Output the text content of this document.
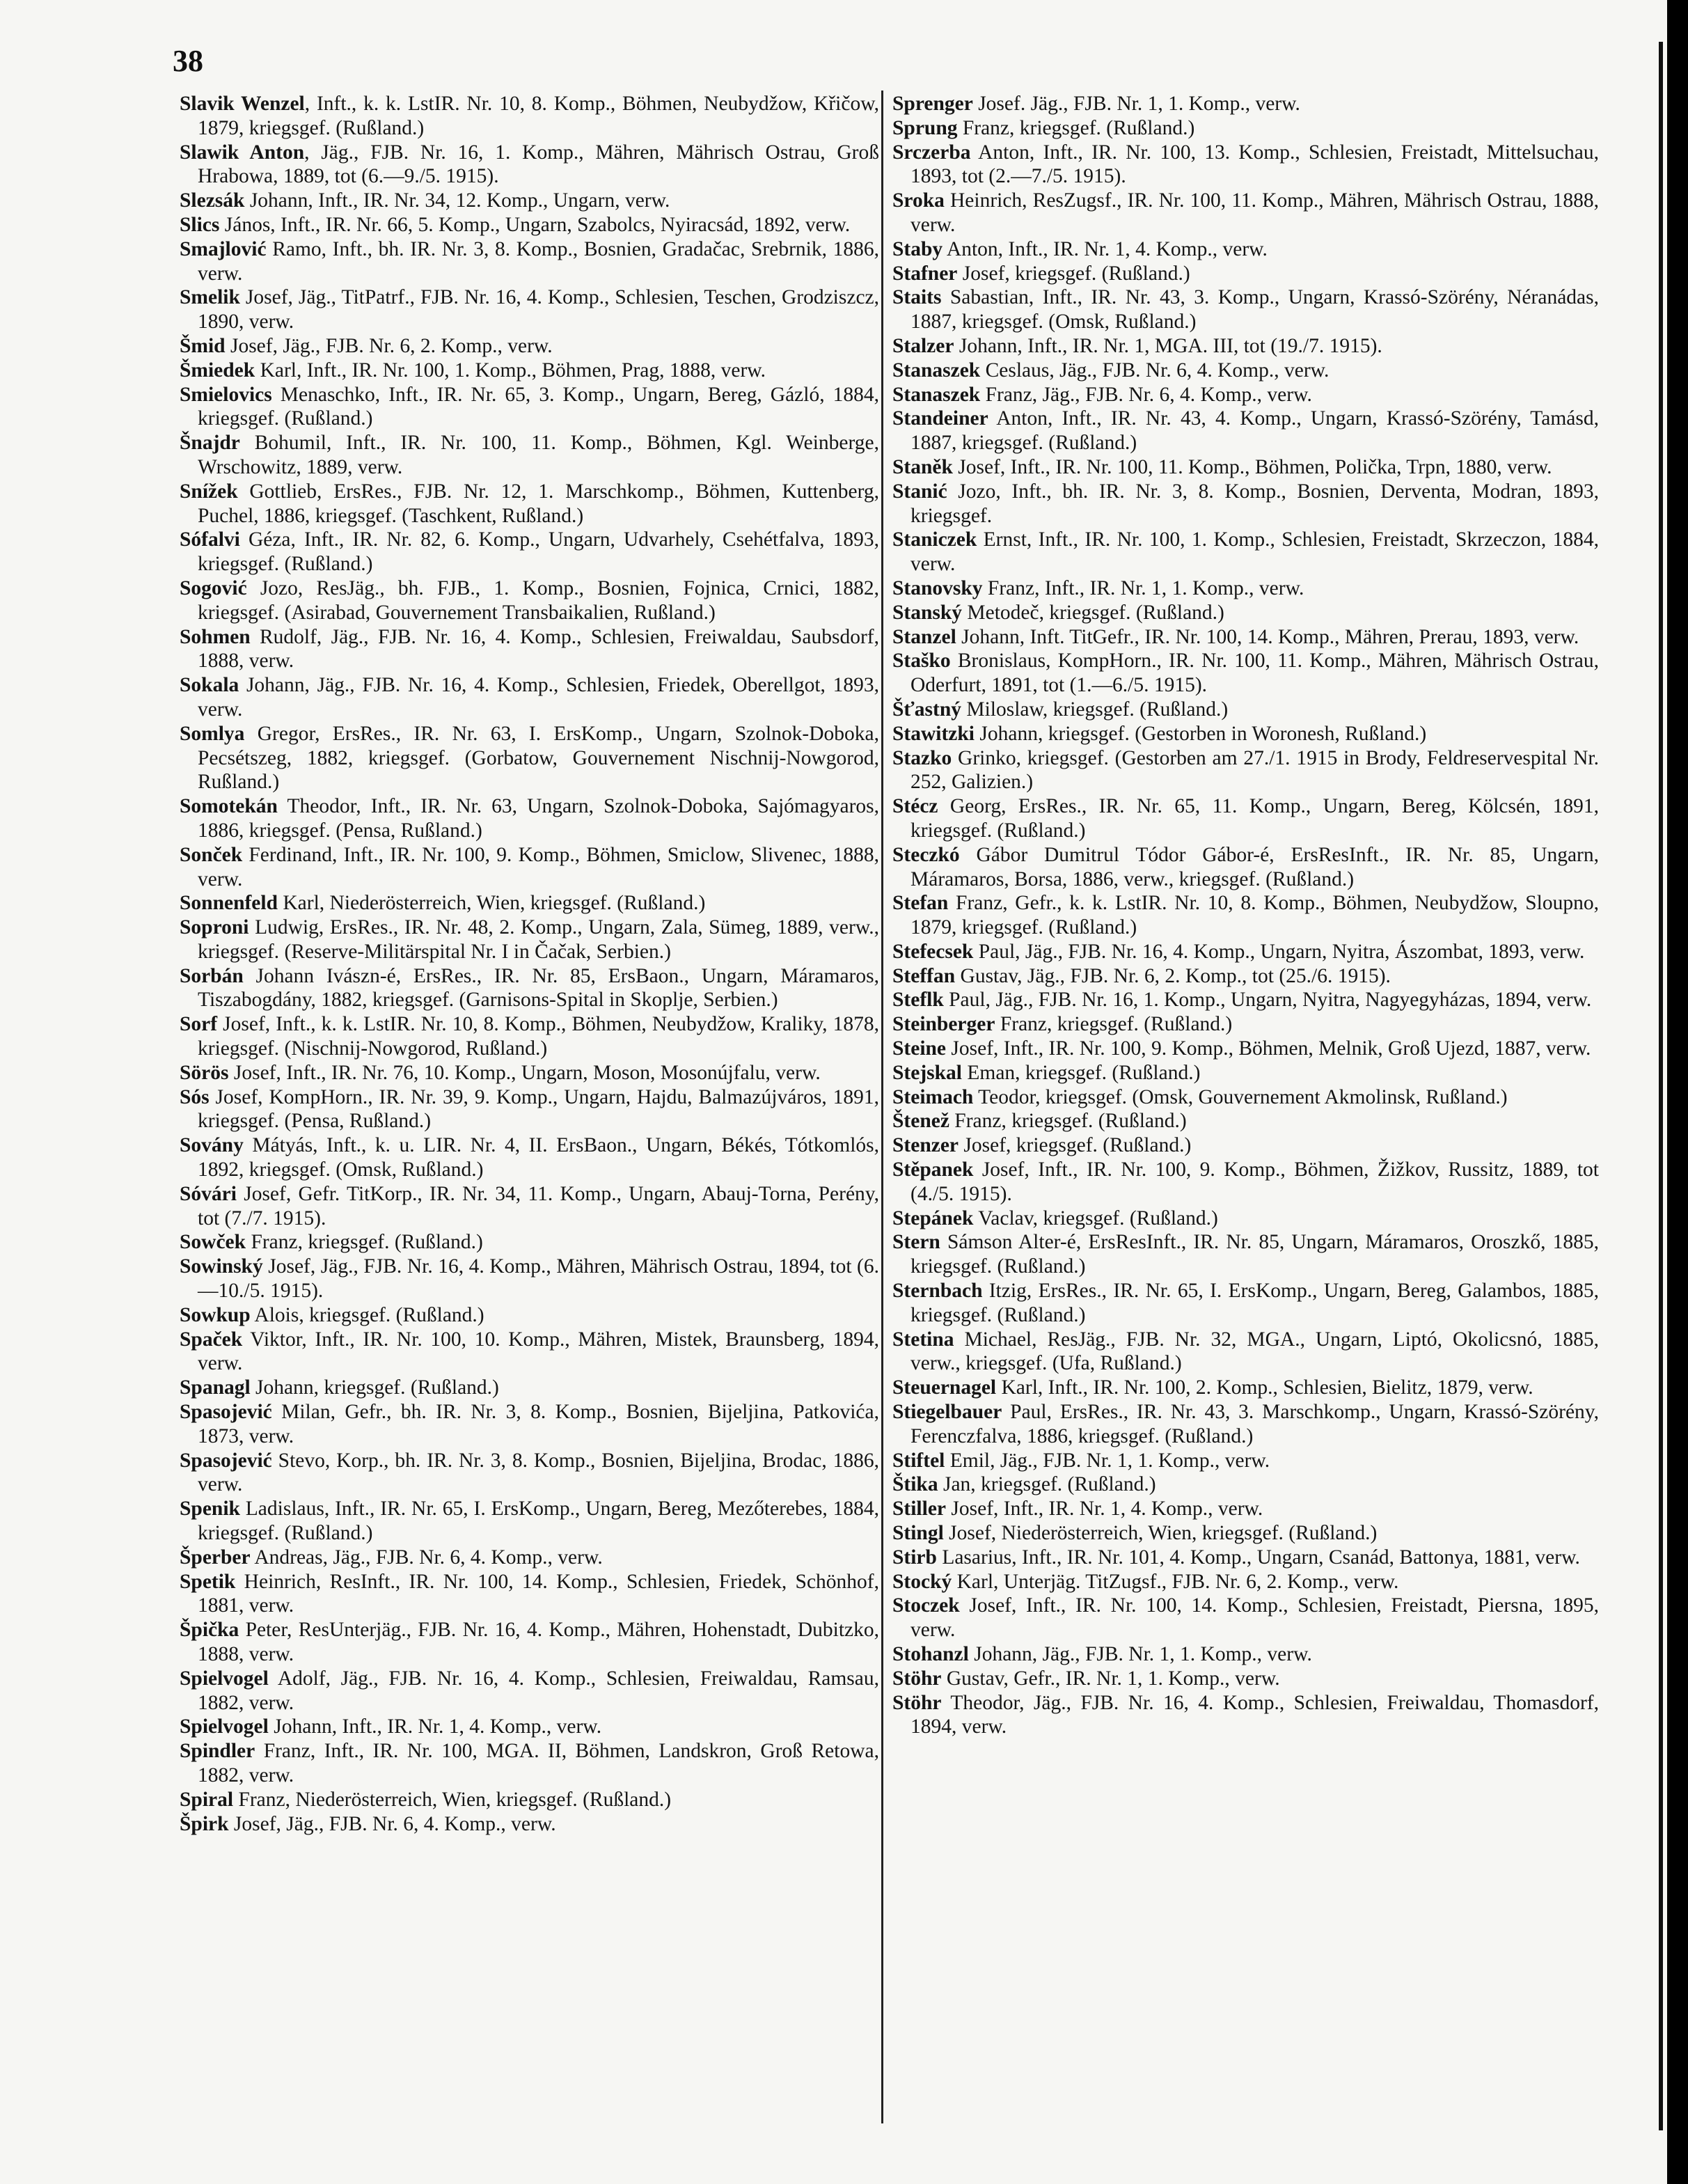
38

Slavik Wenzel, Inft., k. k. LstIR. Nr. 10, 8. Komp., Böhmen, Neubydžow, Křičow, 1879, kriegsgef. (Rußland.)

Slawik Anton, Jäg., FJB. Nr. 16, 1. Komp., Mähren, Mährisch Ostrau, Groß Hrabowa, 1889, tot (6.—9./5. 1915).

Slezsák Johann, Inft., IR. Nr. 34, 12. Komp., Ungarn, verw.

Slics János, Inft., IR. Nr. 66, 5. Komp., Ungarn, Szabolcs, Nyiracsád, 1892, verw.

Smajlović Ramo, Inft., bh. IR. Nr. 3, 8. Komp., Bosnien, Gradačac, Srebrnik, 1886, verw.

Smelik Josef, Jäg., TitPatrf., FJB. Nr. 16, 4. Komp., Schlesien, Teschen, Grodziszcz, 1890, verw.

Šmid Josef, Jäg., FJB. Nr. 6, 2. Komp., verw.

Šmiedek Karl, Inft., IR. Nr. 100, 1. Komp., Böhmen, Prag, 1888, verw.

Smielovics Menaschko, Inft., IR. Nr. 65, 3. Komp., Ungarn, Bereg, Gázló, 1884, kriegsgef. (Rußland.)

Šnajdr Bohumil, Inft., IR. Nr. 100, 11. Komp., Böhmen, Kgl. Weinberge, Wrschowitz, 1889, verw.

Snížek Gottlieb, ErsRes., FJB. Nr. 12, 1. Marschkomp., Böhmen, Kuttenberg, Puchel, 1886, kriegsgef. (Taschkent, Rußland.)

Sófalvi Géza, Inft., IR. Nr. 82, 6. Komp., Ungarn, Udvarhely, Csehétfalva, 1893, kriegsgef. (Rußland.)

Sogović Jozo, ResJäg., bh. FJB., 1. Komp., Bosnien, Fojnica, Crnici, 1882, kriegsgef. (Asirabad, Gouvernement Transbaikalien, Rußland.)

Sohmen Rudolf, Jäg., FJB. Nr. 16, 4. Komp., Schlesien, Freiwaldau, Saubsdorf, 1888, verw.

Sokala Johann, Jäg., FJB. Nr. 16, 4. Komp., Schlesien, Friedek, Oberellgot, 1893, verw.

Somlya Gregor, ErsRes., IR. Nr. 63, I. ErsKomp., Ungarn, Szolnok-Doboka, Pecsétszeg, 1882, kriegsgef. (Gorbatow, Gouvernement Nischnij-Nowgorod, Rußland.)

Somotekán Theodor, Inft., IR. Nr. 63, Ungarn, Szolnok-Doboka, Sajómagyaros, 1886, kriegsgef. (Pensa, Rußland.)

Sonček Ferdinand, Inft., IR. Nr. 100, 9. Komp., Böhmen, Smiclow, Slivenec, 1888, verw.

Sonnenfeld Karl, Niederösterreich, Wien, kriegsgef. (Rußland.)

Soproni Ludwig, ErsRes., IR. Nr. 48, 2. Komp., Ungarn, Zala, Sümeg, 1889, verw., kriegsgef. (Reserve-Militärspital Nr. I in Čačak, Serbien.)

Sorbán Johann Ivászn-é, ErsRes., IR. Nr. 85, ErsBaon., Ungarn, Máramaros, Tiszabogdány, 1882, kriegsgef. (Garnisons-Spital in Skoplje, Serbien.)

Sorf Josef, Inft., k. k. LstIR. Nr. 10, 8. Komp., Böhmen, Neubydžow, Kraliky, 1878, kriegsgef. (Nischnij-Nowgorod, Rußland.)

Sörös Josef, Inft., IR. Nr. 76, 10. Komp., Ungarn, Moson, Mosonújfalu, verw.

Sós Josef, KompHorn., IR. Nr. 39, 9. Komp., Ungarn, Hajdu, Balmazújváros, 1891, kriegsgef. (Pensa, Rußland.)

Sovány Mátyás, Inft., k. u. LIR. Nr. 4, II. ErsBaon., Ungarn, Békés, Tótkomlós, 1892, kriegsgef. (Omsk, Rußland.)

Sóvári Josef, Gefr. TitKorp., IR. Nr. 34, 11. Komp., Ungarn, Abauj-Torna, Perény, tot (7./7. 1915).

Sowček Franz, kriegsgef. (Rußland.)

Sowinský Josef, Jäg., FJB. Nr. 16, 4. Komp., Mähren, Mährisch Ostrau, 1894, tot (6.—10./5. 1915).

Sowkup Alois, kriegsgef. (Rußland.)

Spaček Viktor, Inft., IR. Nr. 100, 10. Komp., Mähren, Mistek, Braunsberg, 1894, verw.

Spanagl Johann, kriegsgef. (Rußland.)

Spasojević Milan, Gefr., bh. IR. Nr. 3, 8. Komp., Bosnien, Bijeljina, Patkovića, 1873, verw.

Spasojević Stevo, Korp., bh. IR. Nr. 3, 8. Komp., Bosnien, Bijeljina, Brodac, 1886, verw.

Spenik Ladislaus, Inft., IR. Nr. 65, I. ErsKomp., Ungarn, Bereg, Mezőterebes, 1884, kriegsgef. (Rußland.)

Šperber Andreas, Jäg., FJB. Nr. 6, 4. Komp., verw.

Spetik Heinrich, ResInft., IR. Nr. 100, 14. Komp., Schlesien, Friedek, Schönhof, 1881, verw.

Špička Peter, ResUnterjäg., FJB. Nr. 16, 4. Komp., Mähren, Hohenstadt, Dubitzko, 1888, verw.

Spielvogel Adolf, Jäg., FJB. Nr. 16, 4. Komp., Schlesien, Freiwaldau, Ramsau, 1882, verw.

Spielvogel Johann, Inft., IR. Nr. 1, 4. Komp., verw.

Spindler Franz, Inft., IR. Nr. 100, MGA. II, Böhmen, Landskron, Groß Retowa, 1882, verw.

Spiral Franz, Niederösterreich, Wien, kriegsgef. (Rußland.)

Špirk Josef, Jäg., FJB. Nr. 6, 4. Komp., verw.

Sprenger Josef. Jäg., FJB. Nr. 1, 1. Komp., verw.

Sprung Franz, kriegsgef. (Rußland.)

Srczerba Anton, Inft., IR. Nr. 100, 13. Komp., Schlesien, Freistadt, Mittelsuchau, 1893, tot (2.—7./5. 1915).

Sroka Heinrich, ResZugsf., IR. Nr. 100, 11. Komp., Mähren, Mährisch Ostrau, 1888, verw.

Staby Anton, Inft., IR. Nr. 1, 4. Komp., verw.

Stafner Josef, kriegsgef. (Rußland.)

Staits Sabastian, Inft., IR. Nr. 43, 3. Komp., Ungarn, Krassó-Szörény, Néranádas, 1887, kriegsgef. (Omsk, Rußland.)

Stalzer Johann, Inft., IR. Nr. 1, MGA. III, tot (19./7. 1915).

Stanaszek Ceslaus, Jäg., FJB. Nr. 6, 4. Komp., verw.

Stanaszek Franz, Jäg., FJB. Nr. 6, 4. Komp., verw.

Standeiner Anton, Inft., IR. Nr. 43, 4. Komp., Ungarn, Krassó-Szörény, Tamásd, 1887, kriegsgef. (Rußland.)

Staněk Josef, Inft., IR. Nr. 100, 11. Komp., Böhmen, Polička, Trpn, 1880, verw.

Stanić Jozo, Inft., bh. IR. Nr. 3, 8. Komp., Bosnien, Derventa, Modran, 1893, kriegsgef.

Staniczek Ernst, Inft., IR. Nr. 100, 1. Komp., Schlesien, Freistadt, Skrzeczon, 1884, verw.

Stanovsky Franz, Inft., IR. Nr. 1, 1. Komp., verw.

Stanský Metodeč, kriegsgef. (Rußland.)

Stanzel Johann, Inft. TitGefr., IR. Nr. 100, 14. Komp., Mähren, Prerau, 1893, verw.

Staško Bronislaus, KompHorn., IR. Nr. 100, 11. Komp., Mähren, Mährisch Ostrau, Oderfurt, 1891, tot (1.—6./5. 1915).

Šťastný Miloslaw, kriegsgef. (Rußland.)

Stawitzki Johann, kriegsgef. (Gestorben in Woronesh, Rußland.)

Stazko Grinko, kriegsgef. (Gestorben am 27./1. 1915 in Brody, Feldreservespital Nr. 252, Galizien.)

Stécz Georg, ErsRes., IR. Nr. 65, 11. Komp., Ungarn, Bereg, Kölcsén, 1891, kriegsgef. (Rußland.)

Steczkó Gábor Dumitrul Tódor Gábor-é, ErsResInft., IR. Nr. 85, Ungarn, Máramaros, Borsa, 1886, verw., kriegsgef. (Rußland.)

Stefan Franz, Gefr., k. k. LstIR. Nr. 10, 8. Komp., Böhmen, Neubydžow, Sloupno, 1879, kriegsgef. (Rußland.)

Stefecsek Paul, Jäg., FJB. Nr. 16, 4. Komp., Ungarn, Nyitra, Ászombat, 1893, verw.

Steffan Gustav, Jäg., FJB. Nr. 6, 2. Komp., tot (25./6. 1915).

Steflk Paul, Jäg., FJB. Nr. 16, 1. Komp., Ungarn, Nyitra, Nagyegyházas, 1894, verw.

Steinberger Franz, kriegsgef. (Rußland.)

Steine Josef, Inft., IR. Nr. 100, 9. Komp., Böhmen, Melnik, Groß Ujezd, 1887, verw.

Stejskal Eman, kriegsgef. (Rußland.)

Steimach Teodor, kriegsgef. (Omsk, Gouvernement Akmolinsk, Rußland.)

Štenež Franz, kriegsgef. (Rußland.)

Stenzer Josef, kriegsgef. (Rußland.)

Stěpanek Josef, Inft., IR. Nr. 100, 9. Komp., Böhmen, Žižkov, Russitz, 1889, tot (4./5. 1915).

Stepánek Vaclav, kriegsgef. (Rußland.)

Stern Sámson Alter-é, ErsResInft., IR. Nr. 85, Ungarn, Máramaros, Oroszkő, 1885, kriegsgef. (Rußland.)

Sternbach Itzig, ErsRes., IR. Nr. 65, I. ErsKomp., Ungarn, Bereg, Galambos, 1885, kriegsgef. (Rußland.)

Stetina Michael, ResJäg., FJB. Nr. 32, MGA., Ungarn, Liptó, Okolicsnó, 1885, verw., kriegsgef. (Ufa, Rußland.)

Steuernagel Karl, Inft., IR. Nr. 100, 2. Komp., Schlesien, Bielitz, 1879, verw.

Stiegelbauer Paul, ErsRes., IR. Nr. 43, 3. Marschkomp., Ungarn, Krassó-Szörény, Ferenczfalva, 1886, kriegsgef. (Rußland.)

Stiftel Emil, Jäg., FJB. Nr. 1, 1. Komp., verw.

Štika Jan, kriegsgef. (Rußland.)

Stiller Josef, Inft., IR. Nr. 1, 4. Komp., verw.

Stingl Josef, Niederösterreich, Wien, kriegsgef. (Rußland.)

Stirb Lasarius, Inft., IR. Nr. 101, 4. Komp., Ungarn, Csanád, Battonya, 1881, verw.

Stocký Karl, Unterjäg. TitZugsf., FJB. Nr. 6, 2. Komp., verw.

Stoczek Josef, Inft., IR. Nr. 100, 14. Komp., Schlesien, Freistadt, Piersna, 1895, verw.

Stohanzl Johann, Jäg., FJB. Nr. 1, 1. Komp., verw.

Stöhr Gustav, Gefr., IR. Nr. 1, 1. Komp., verw.

Stöhr Theodor, Jäg., FJB. Nr. 16, 4. Komp., Schlesien, Freiwaldau, Thomasdorf, 1894, verw.
